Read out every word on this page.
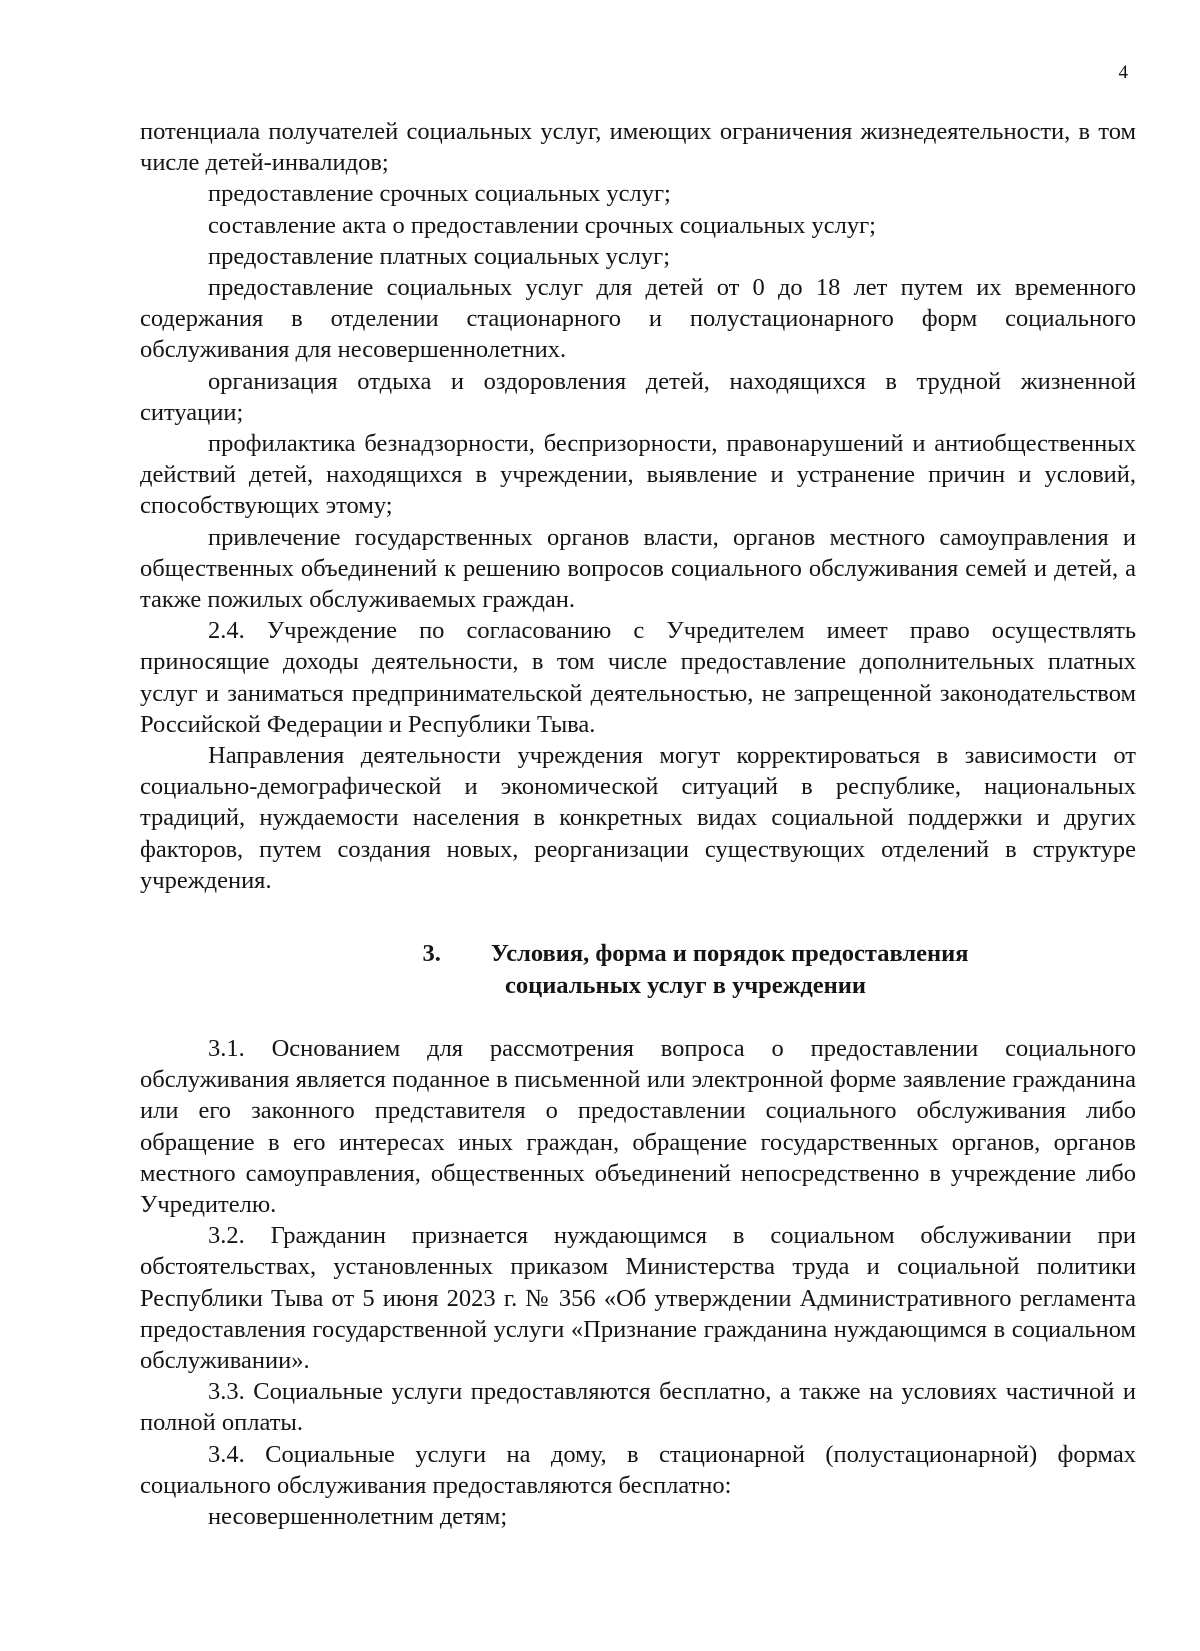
4

потенциала получателей социальных услуг, имеющих ограничения жизнедеятельности, в том числе детей-инвалидов;

предоставление срочных социальных услуг;

составление акта о предоставлении срочных социальных услуг;

предоставление платных социальных услуг;

предоставление социальных услуг для детей от 0 до 18 лет путем их временного содержания в отделении стационарного и полустационарного форм социального обслуживания для несовершеннолетних.

организация отдыха и оздоровления детей, находящихся в трудной жизненной ситуации;

профилактика безнадзорности, беспризорности, правонарушений и антиобщественных действий детей, находящихся в учреждении, выявление и устранение причин и условий, способствующих этому;

привлечение государственных органов власти, органов местного самоуправления и общественных объединений к решению вопросов социального обслуживания семей и детей, а также пожилых обслуживаемых граждан.

2.4. Учреждение по согласованию с Учредителем имеет право осуществлять приносящие доходы деятельности, в том числе предоставление дополнительных платных услуг и заниматься предпринимательской деятельностью, не запрещенной законодательством Российской Федерации и Республики Тыва.

Направления деятельности учреждения могут корректироваться в зависимости от социально-демографической и экономической ситуаций в республике, национальных традиций, нуждаемости населения в конкретных видах социальной поддержки и других факторов, путем создания новых, реорганизации существующих отделений в структуре учреждения.

3. Условия, форма и порядок предоставления
социальных услуг в учреждении

3.1. Основанием для рассмотрения вопроса о предоставлении социального обслуживания является поданное в письменной или электронной форме заявление гражданина или его законного представителя о предоставлении социального обслуживания либо обращение в его интересах иных граждан, обращение государственных органов, органов местного самоуправления, общественных объединений непосредственно в учреждение либо Учредителю.

3.2. Гражданин признается нуждающимся в социальном обслуживании при обстоятельствах, установленных приказом Министерства труда и социальной политики Республики Тыва от 5 июня 2023 г. № 356 «Об утверждении Административного регламента предоставления государственной услуги «Признание гражданина нуждающимся в социальном обслуживании».

3.3. Социальные услуги предоставляются бесплатно, а также на условиях частичной и полной оплаты.

3.4. Социальные услуги на дому, в стационарной (полустационарной) формах социального обслуживания предоставляются бесплатно:

несовершеннолетним детям;
